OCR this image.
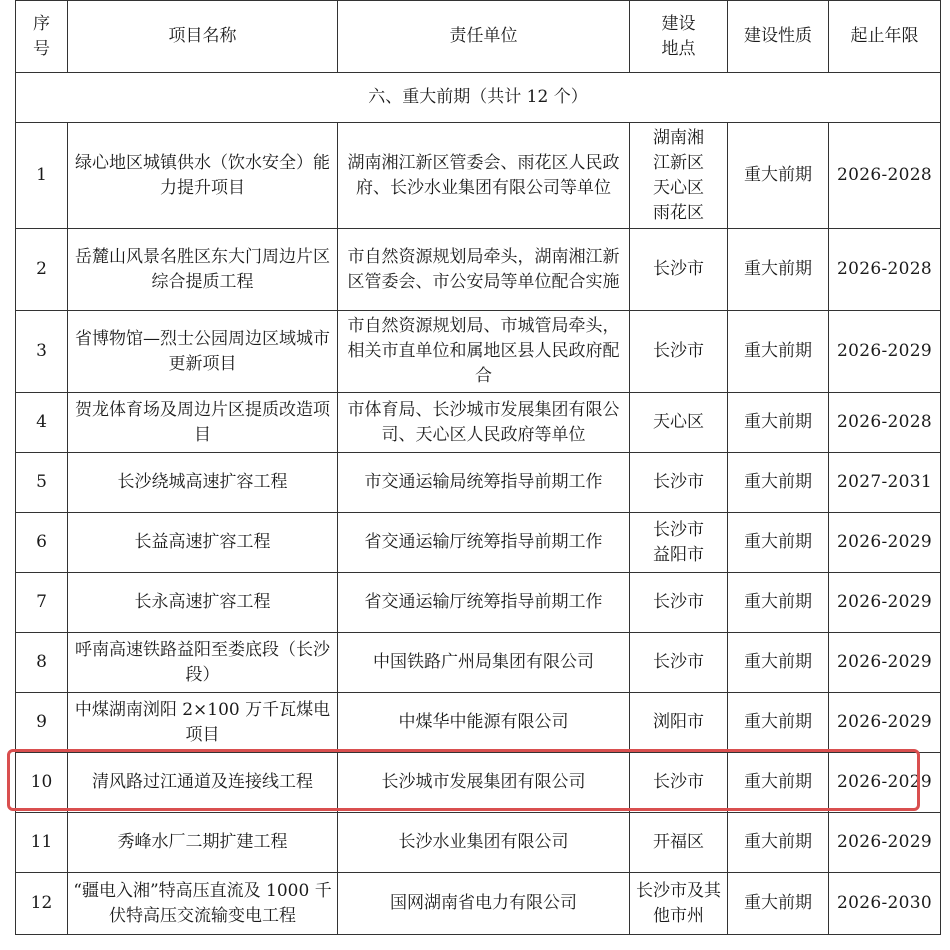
序号	项目名称	责任单位	建设地点	建设性质	起止年限
六、重大前期（共计 12 个）					
1	绿心地区城镇供水（饮水安全）能力提升项目	湖南湘江新区管委会、雨花区人民政府、长沙水业集团有限公司等单位	湖南湘江新区天心区雨花区	重大前期	2026-2028
2	岳麓山风景名胜区东大门周边片区综合提质工程	市自然资源规划局牵头，湖南湘江新区管委会、市公安局等单位配合实施	长沙市	重大前期	2026-2028
3	省博物馆—烈士公园周边区域城市更新项目	市自然资源规划局、市城管局牵头，相关市直单位和属地区县人民政府配合	长沙市	重大前期	2026-2029
4	贺龙体育场及周边片区提质改造项目	市体育局、长沙城市发展集团有限公司、天心区人民政府等单位	天心区	重大前期	2026-2028
5	长沙绕城高速扩容工程	市交通运输局统筹指导前期工作	长沙市	重大前期	2027-2031
6	长益高速扩容工程	省交通运输厅统筹指导前期工作	长沙市益阳市	重大前期	2026-2029
7	长永高速扩容工程	省交通运输厅统筹指导前期工作	长沙市	重大前期	2026-2029
8	呼南高速铁路益阳至娄底段（长沙段）	中国铁路广州局集团有限公司	长沙市	重大前期	2026-2029
9	中煤湖南浏阳 2×100 万千瓦煤电项目	中煤华中能源有限公司	浏阳市	重大前期	2026-2029
10	清风路过江通道及连接线工程	长沙城市发展集团有限公司	长沙市	重大前期	2026-2029
11	秀峰水厂二期扩建工程	长沙水业集团有限公司	开福区	重大前期	2026-2029
12	“疆电入湘”特高压直流及 1000 千伏特高压交流输变电工程	国网湖南省电力有限公司	长沙市及其他市州	重大前期	2026-2030
